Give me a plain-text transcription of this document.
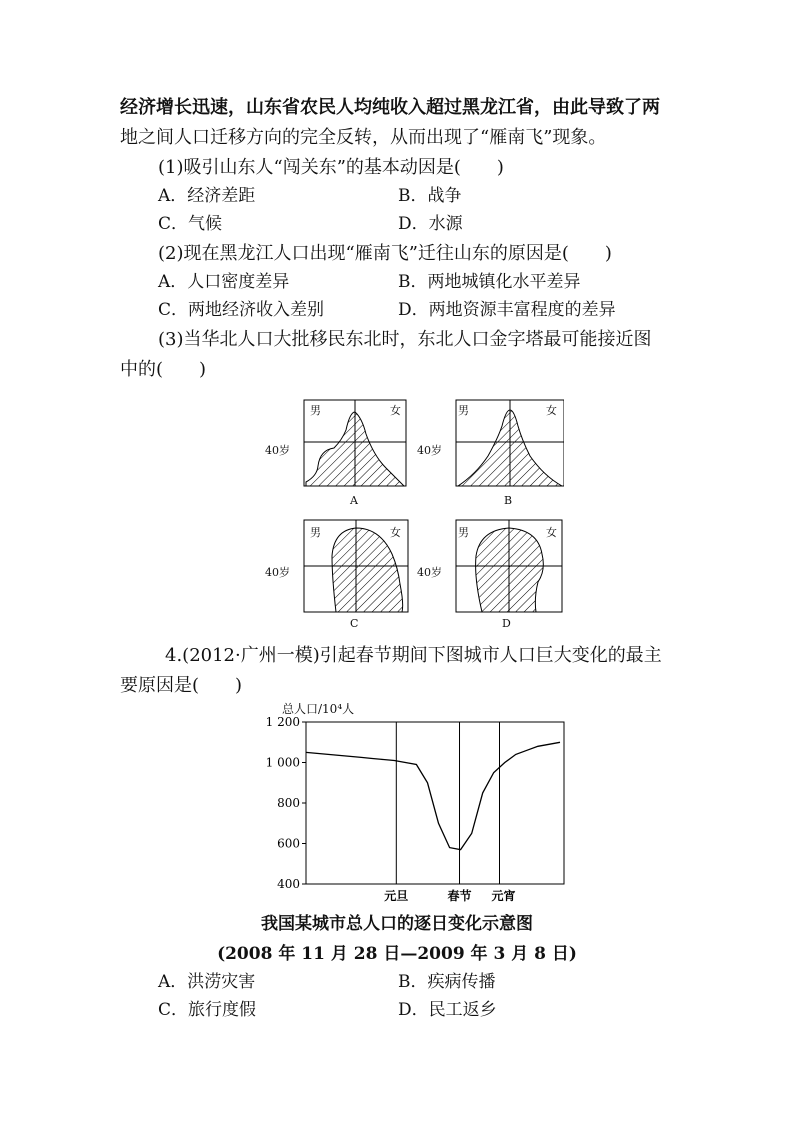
经济增长迅速，山东省农民人均纯收入超过黑龙江省，由此导致了两
地之间人口迁移方向的完全反转，从而出现了“雁南飞”现象。
(1)吸引山东人“闯关东”的基本动因是(　　)
A．经济差距	B．战争
C．气候	D．水源
(2)现在黑龙江人口出现“雁南飞”迁往山东的原因是(　　)
A．人口密度差异	B．两地城镇化水平差异
C．两地经济收入差别	D．两地资源丰富程度的差异
(3)当华北人口大批移民东北时，东北人口金字塔最可能接近图
中的(　　)
男	女
40岁
A
男	女
40岁
B
男	女
40岁
C
男	女
40岁
D
4.(2012·广州一模)引起春节期间下图城市人口巨大变化的最主
要原因是(　　)
总人口/10⁴人
1 200
1 000
800
600
400
元旦	春节 元宵
我国某城市总人口的逐日变化示意图
(2008 年 11 月 28 日—2009 年 3 月 8 日)
A．洪涝灾害	B．疾病传播
C．旅行度假	D．民工返乡
